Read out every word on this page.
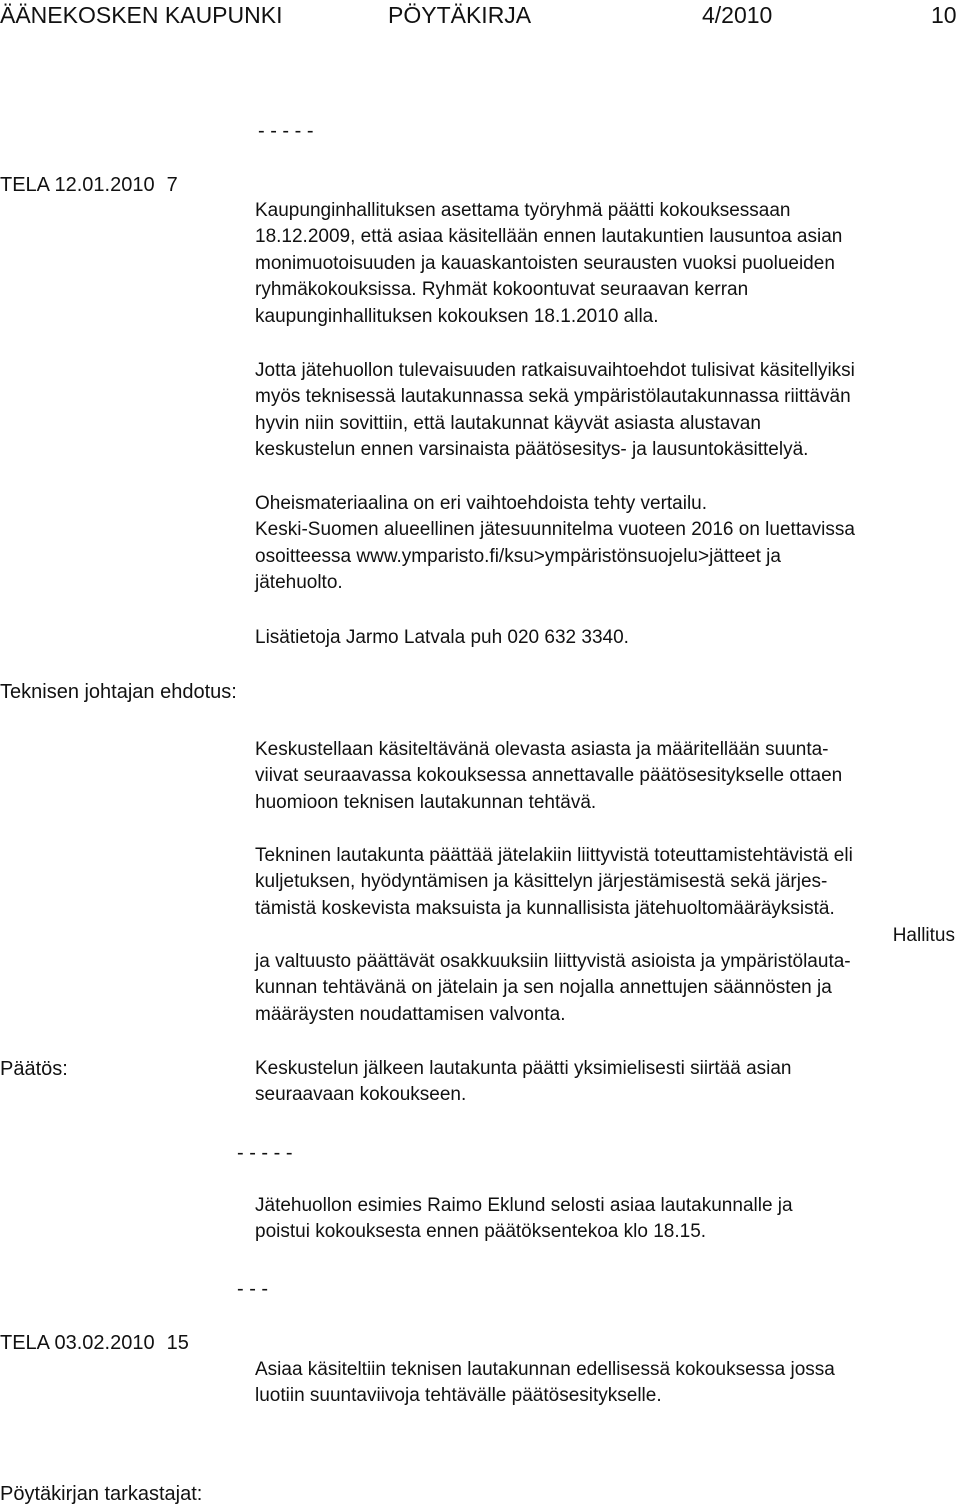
ÄÄNEKOSKEN KAUPUNKI	PÖYTÄKIRJA	4/2010	10
- - - - -
TELA 12.01.2010 7

Kaupunginhallituksen asettama työryhmä päätti kokouksessaan
18.12.2009, että asiaa käsitellään ennen lautakuntien lausuntoa asian
monimuotoisuuden ja kauaskantoisten seurausten vuoksi puolueiden
ryhmäkokouksissa. Ryhmät kokoontuvat seuraavan kerran
kaupunginhallituksen kokouksen 18.1.2010 alla.

Jotta jätehuollon tulevaisuuden ratkaisuvaihtoehdot tulisivat käsitellyiksi
myös teknisessä lautakunnassa sekä ympäristölautakunnassa riittävän
hyvin niin sovittiin, että lautakunnat käyvät asiasta alustavan
keskustelun ennen varsinaista päätösesitys- ja lausuntokäsittelyä.

Oheismateriaalina on eri vaihtoehdoista tehty vertailu.
Keski-Suomen alueellinen jätesuunnitelma vuoteen 2016 on luettavissa
osoitteessa www.ymparisto.fi/ksu>ympäristönsuojelu>jätteet ja
jätehuolto.

Lisätietoja Jarmo Latvala puh 020 632 3340.

Teknisen johtajan ehdotus:

Keskustellaan käsiteltävänä olevasta asiasta ja määritellään suunta-
viivat seuraavassa kokouksessa annettavalle päätösesitykselle ottaen
huomioon teknisen lautakunnan tehtävä.

Tekninen lautakunta päättää jätelakiin liittyvistä toteuttamistehtävistä eli
kuljetuksen, hyödyntämisen ja käsittelyn järjestämisestä sekä järjes-
tämistä koskevista maksuista ja kunnallisista jätehuoltomääräyksistä.

Hallitus

ja valtuusto päättävät osakkuuksiin liittyvistä asioista ja ympäristölauta-
kunnan tehtävänä on jätelain ja sen nojalla annettujen säännösten ja
määräysten noudattamisen valvonta.

Päätös:	Keskustelun jälkeen lautakunta päätti yksimielisesti siirtää asian
seuraavaan kokoukseen.

- - - - -

Jätehuollon esimies Raimo Eklund selosti asiaa lautakunnalle ja
poistui kokouksesta ennen päätöksentekoa klo 18.15.

- - -
TELA 03.02.2010 15

Asiaa käsiteltiin teknisen lautakunnan edellisessä kokouksessa jossa
luotiin suuntaviivoja tehtävälle päätösesitykselle.

Pöytäkirjan tarkastajat:
